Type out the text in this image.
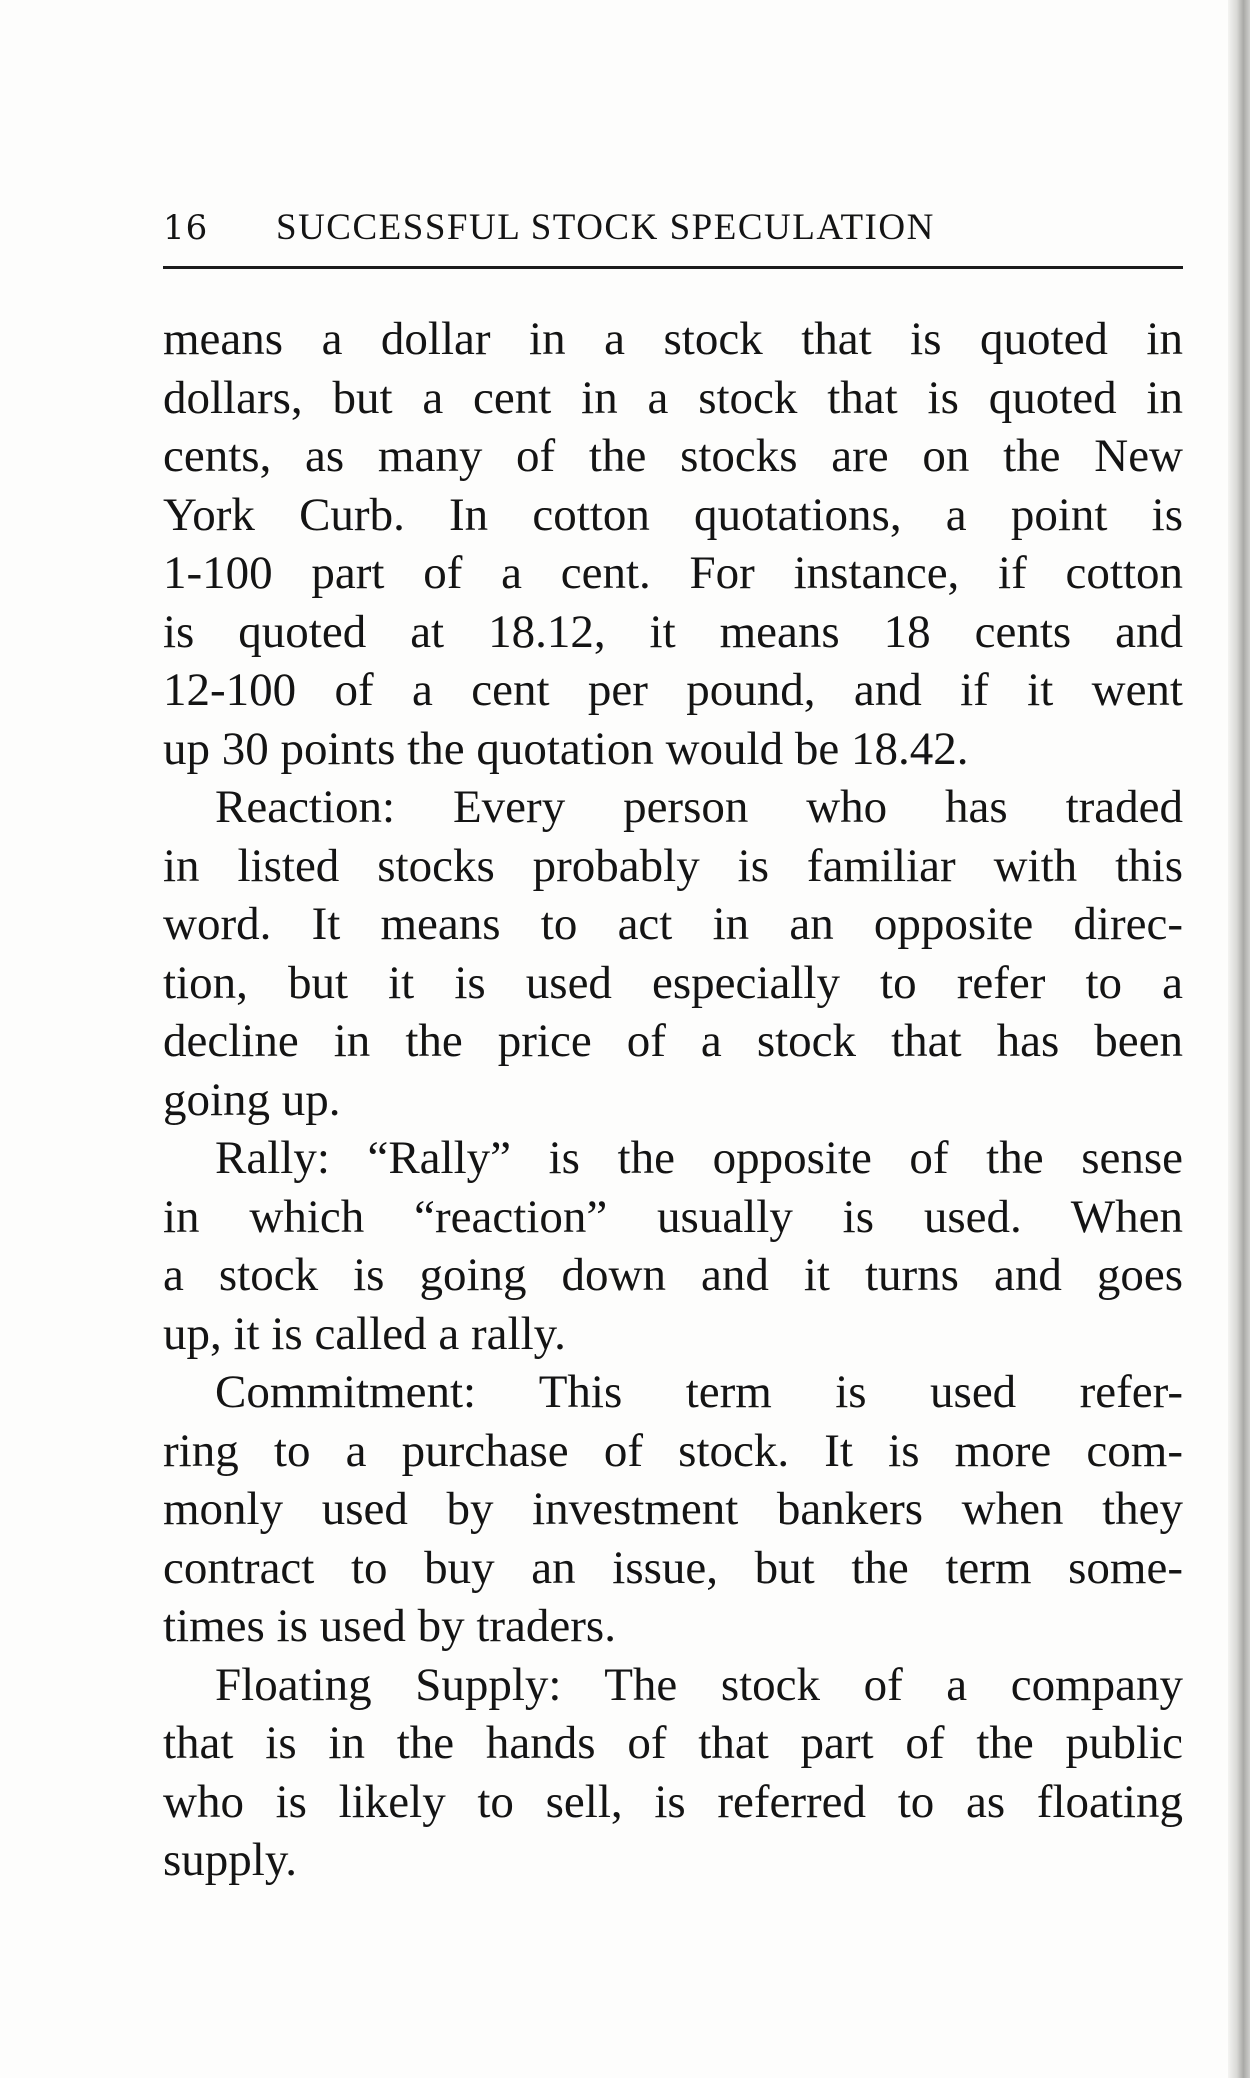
16 SUCCESSFUL STOCK SPECULATION
means a dollar in a stock that is quoted in
dollars, but a cent in a stock that is quoted in
cents, as many of the stocks are on the New
York Curb. In cotton quotations, a point is
1-100 part of a cent. For instance, if cotton
is quoted at 18.12, it means 18 cents and
12-100 of a cent per pound, and if it went
up 30 points the quotation would be 18.42.
Reaction: Every person who has traded
in listed stocks probably is familiar with this
word. It means to act in an opposite direc-
tion, but it is used especially to refer to a
decline in the price of a stock that has been
going up.
Rally: “Rally” is the opposite of the sense
in which “reaction” usually is used. When
a stock is going down and it turns and goes
up, it is called a rally.
Commitment: This term is used refer-
ring to a purchase of stock. It is more com-
monly used by investment bankers when they
contract to buy an issue, but the term some-
times is used by traders.
Floating Supply: The stock of a company
that is in the hands of that part of the public
who is likely to sell, is referred to as floating
supply.
